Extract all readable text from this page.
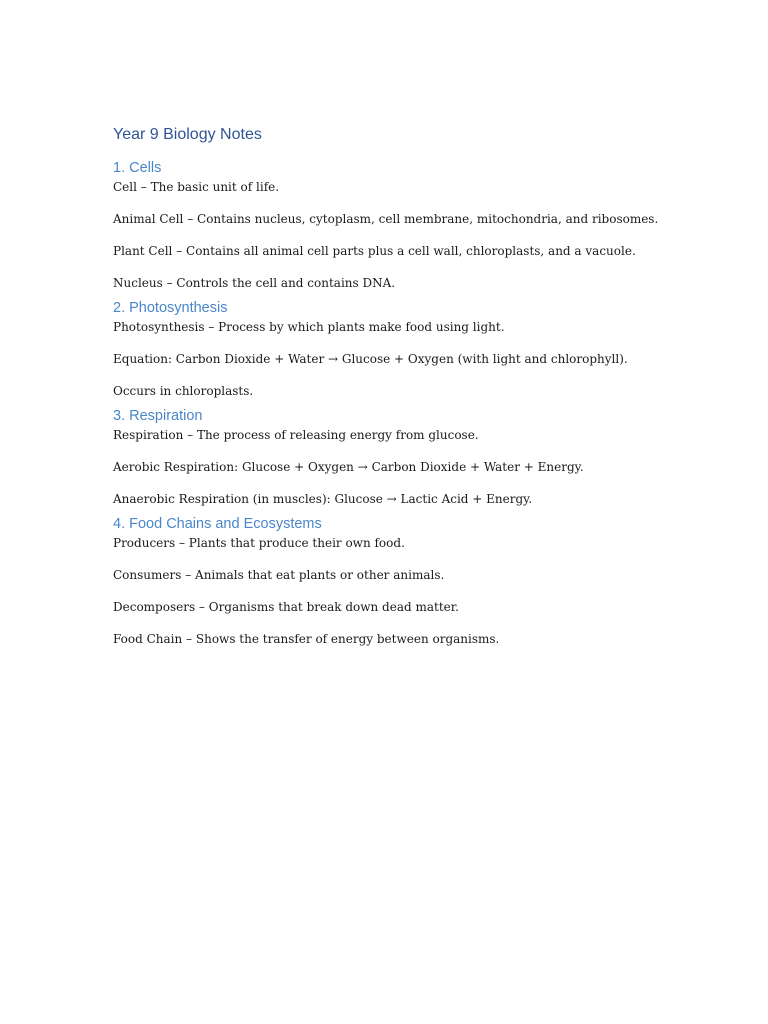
Year 9 Biology Notes
1. Cells

Cell – The basic unit of life.

Animal Cell – Contains nucleus, cytoplasm, cell membrane, mitochondria, and ribosomes.

Plant Cell – Contains all animal cell parts plus a cell wall, chloroplasts, and a vacuole.

Nucleus – Controls the cell and contains DNA.

2. Photosynthesis

Photosynthesis – Process by which plants make food using light.

Equation: Carbon Dioxide + Water → Glucose + Oxygen (with light and chlorophyll).

Occurs in chloroplasts.

3. Respiration

Respiration – The process of releasing energy from glucose.

Aerobic Respiration: Glucose + Oxygen → Carbon Dioxide + Water + Energy.

Anaerobic Respiration (in muscles): Glucose → Lactic Acid + Energy.

4. Food Chains and Ecosystems

Producers – Plants that produce their own food.

Consumers – Animals that eat plants or other animals.

Decomposers – Organisms that break down dead matter.

Food Chain – Shows the transfer of energy between organisms.
